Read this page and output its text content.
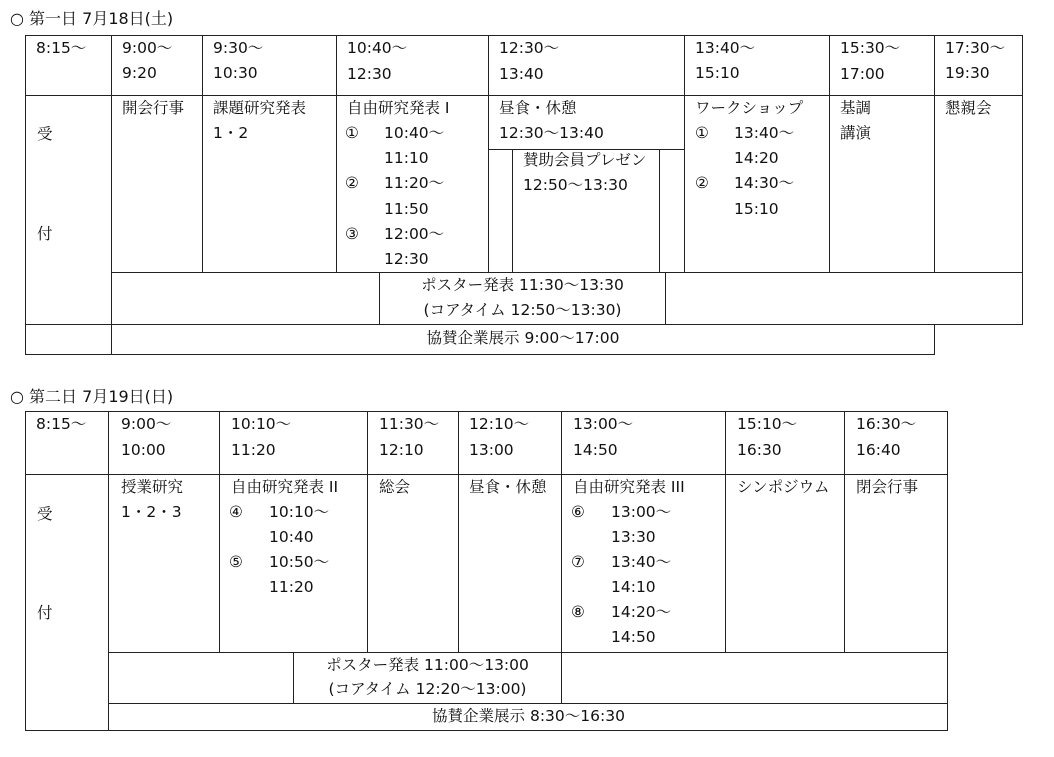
○ 第一日 7月18日(土)
8:15～
受
付
9:00～
9:20
開会行事
9:30～
10:30
課題研究発表
1・2
10:40～
12:30
自由研究発表 I
① 10:40～
11:10
② 11:20～
11:50
③ 12:00～
12:30
12:30～
13:40
昼食・休憩
12:30～13:40
賛助会員プレゼン
12:50～13:30
13:40～
15:10
ワークショップ
① 13:40～
14:20
② 14:30～
15:10
15:30～
17:00
基調
講演
17:30～
19:30
懇親会
ポスター発表 11:30～13:30
(コアタイム 12:50～13:30)
協賛企業展示 9:00～17:00
○ 第二日 7月19日(日)
8:15～
受
付
9:00～
10:00
授業研究
1・2・3
10:10～
11:20
自由研究発表 II
④ 10:10～
10:40
⑤ 10:50～
11:20
11:30～
12:10
総会
12:10～
13:00
昼食・休憩
13:00～
14:50
自由研究発表 III
⑥ 13:00～
13:30
⑦ 13:40～
14:10
⑧ 14:20～
14:50
15:10～
16:30
シンポジウム
16:30～
16:40
閉会行事
ポスター発表 11:00～13:00
(コアタイム 12:20～13:00)
協賛企業展示 8:30～16:30
